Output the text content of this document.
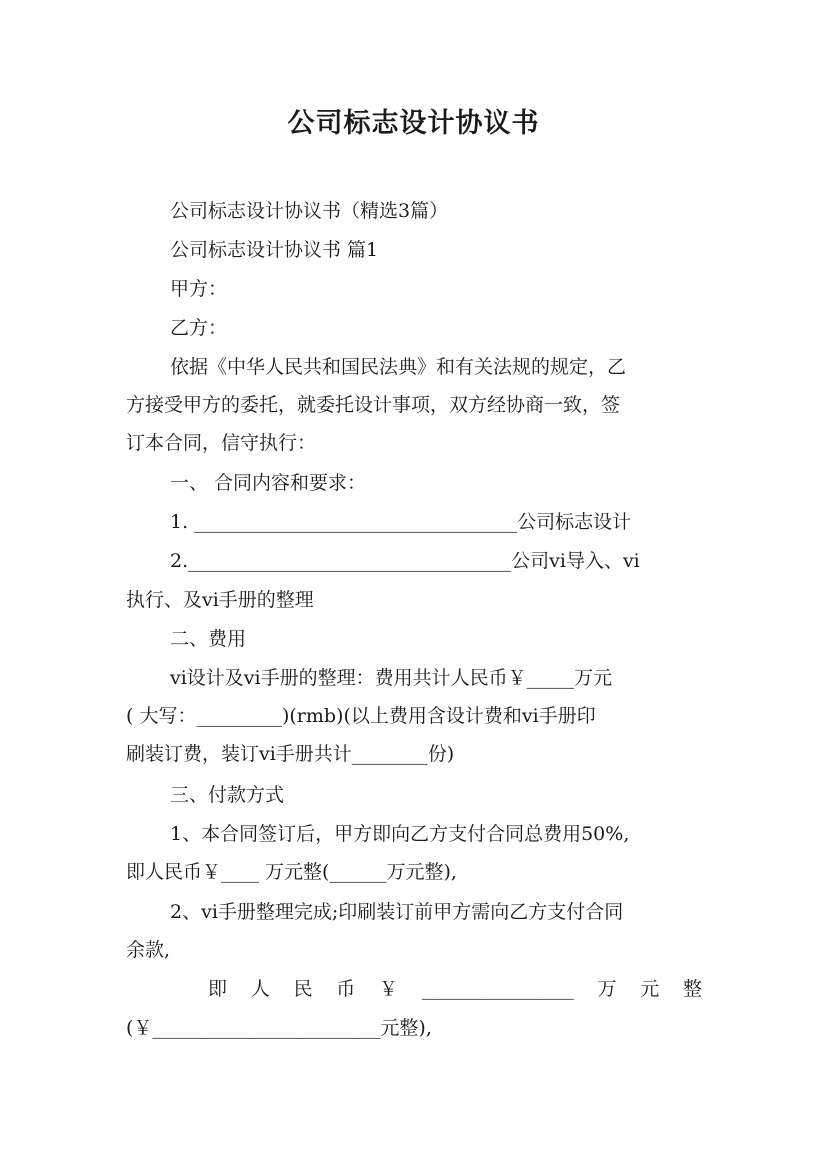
公司标志设计协议书
公司标志设计协议书（精选3篇）
公司标志设计协议书 篇1
甲方：
乙方：
依据《中华人民共和国民法典》和有关法规的规定，乙
方接受甲方的委托，就委托设计事项，双方经协商一致，签
订本合同，信守执行：
一、 合同内容和要求：
1. __________________________________公司标志设计
2.__________________________________公司vi导入、vi
执行、及vi手册的整理
二、费用
vi设计及vi手册的整理：费用共计人民币￥_____万元
( 大写：_________)(rmb)(以上费用含设计费和vi手册印
刷装订费，装订vi手册共计________份)
三、付款方式
1、本合同签订后，甲方即向乙方支付合同总费用50%,
即人民币￥____ 万元整(______万元整),
2、vi手册整理完成;印刷装订前甲方需向乙方支付合同
余款,
即 人 民 币 ￥ ________________ 万 元 整
(￥________________________元整),
